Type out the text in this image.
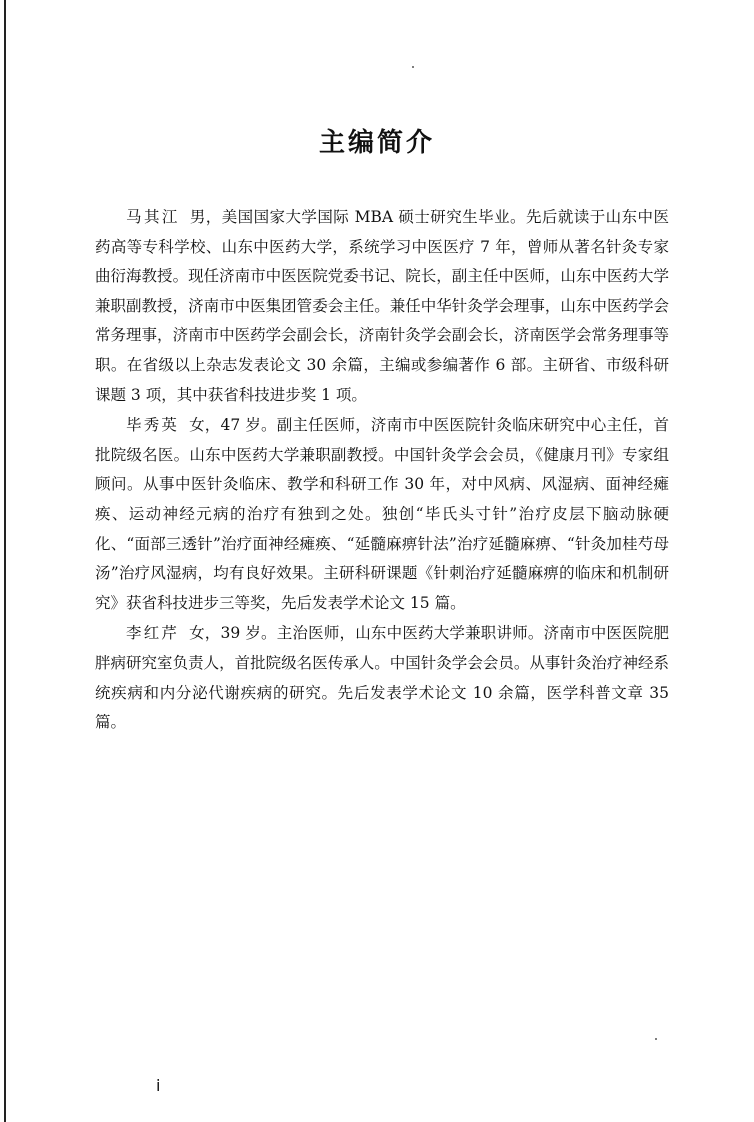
主编简介

马其江 男，美国国家大学国际 MBA 硕士研究生毕业。先后就读于山东中医药高等专科学校、山东中医药大学，系统学习中医医疗 7 年，曾师从著名针灸专家曲衍海教授。现任济南市中医医院党委书记、院长，副主任中医师，山东中医药大学兼职副教授，济南市中医集团管委会主任。兼任中华针灸学会理事，山东中医药学会常务理事，济南市中医药学会副会长，济南针灸学会副会长，济南医学会常务理事等职。在省级以上杂志发表论文 30 余篇，主编或参编著作 6 部。主研省、市级科研课题 3 项，其中获省科技进步奖 1 项。

毕秀英 女，47 岁。副主任医师，济南市中医医院针灸临床研究中心主任，首批院级名医。山东中医药大学兼职副教授。中国针灸学会会员，《健康月刊》专家组顾问。从事中医针灸临床、教学和科研工作 30 年，对中风病、风湿病、面神经瘫痪、运动神经元病的治疗有独到之处。独创“毕氏头寸针”治疗皮层下脑动脉硬化、“面部三透针”治疗面神经瘫痪、“延髓麻痹针法”治疗延髓麻痹、“针灸加桂芍母汤”治疗风湿病，均有良好效果。主研科研课题《针刺治疗延髓麻痹的临床和机制研究》获省科技进步三等奖，先后发表学术论文 15 篇。

李红芹 女，39 岁。主治医师，山东中医药大学兼职讲师。济南市中医医院肥胖病研究室负责人，首批院级名医传承人。中国针灸学会会员。从事针灸治疗神经系统疾病和内分泌代谢疾病的研究。先后发表学术论文 10 余篇，医学科普文章 35 篇。

i
